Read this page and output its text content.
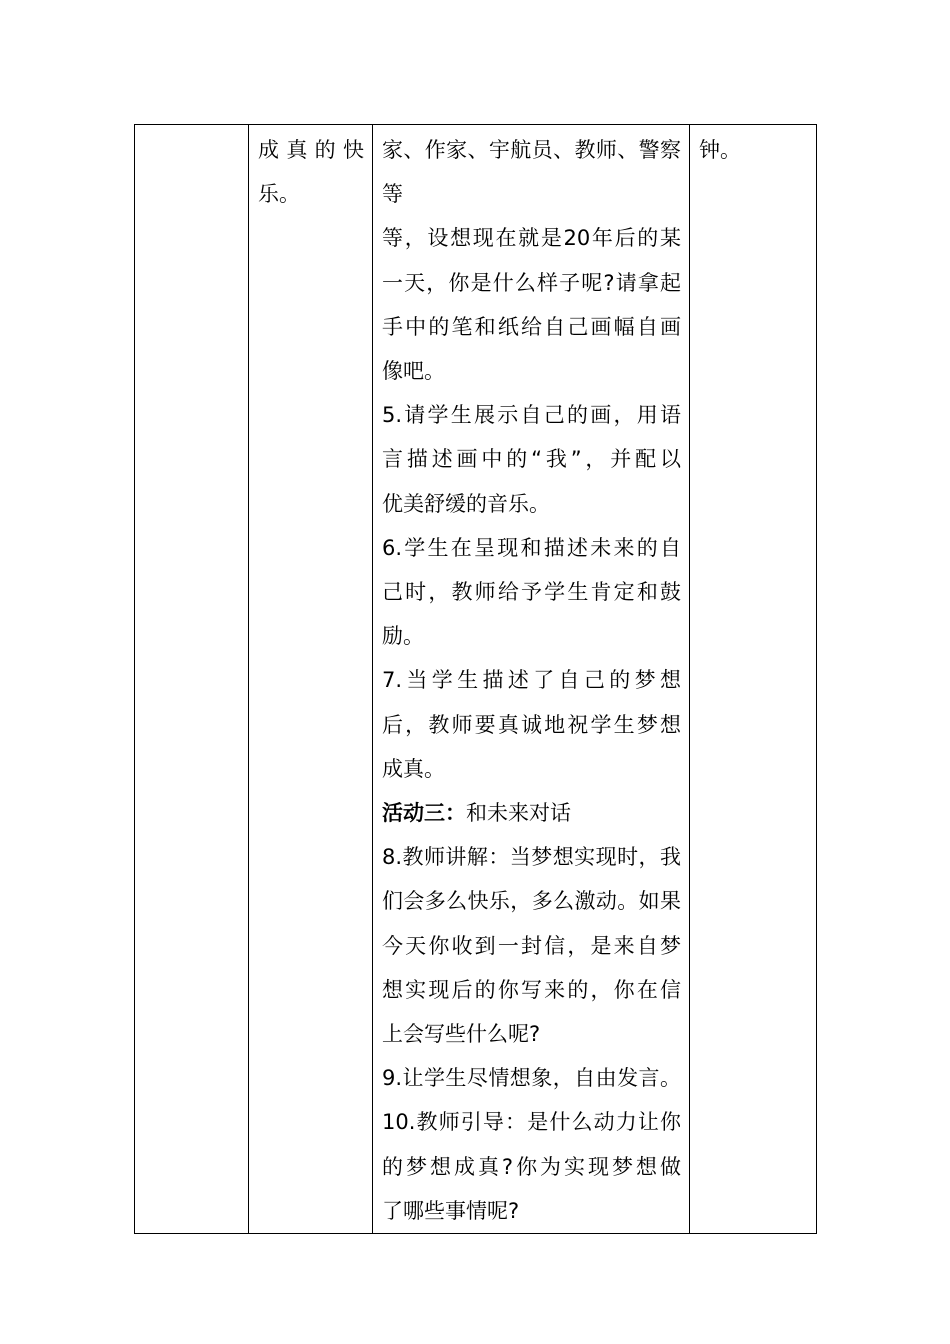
成真的快
乐。

家、作家、宇航员、教师、警察等
等，设想现在就是20年后的某
一天，你是什么样子呢?请拿起
手中的笔和纸给自己画幅自画
像吧。
5.请学生展示自己的画，用语
言描述画中的“我”，并配以
优美舒缓的音乐。
6.学生在呈现和描述未来的自
己时，教师给予学生肯定和鼓
励。
7.当学生描述了自己的梦想
后，教师要真诚地祝学生梦想
成真。
活动三：和未来对话
8.教师讲解：当梦想实现时，我
们会多么快乐，多么激动。如果
今天你收到一封信，是来自梦
想实现后的你写来的，你在信
上会写些什么呢?
9.让学生尽情想象，自由发言。
10.教师引导：是什么动力让你
的梦想成真?你为实现梦想做
了哪些事情呢?

钟。
